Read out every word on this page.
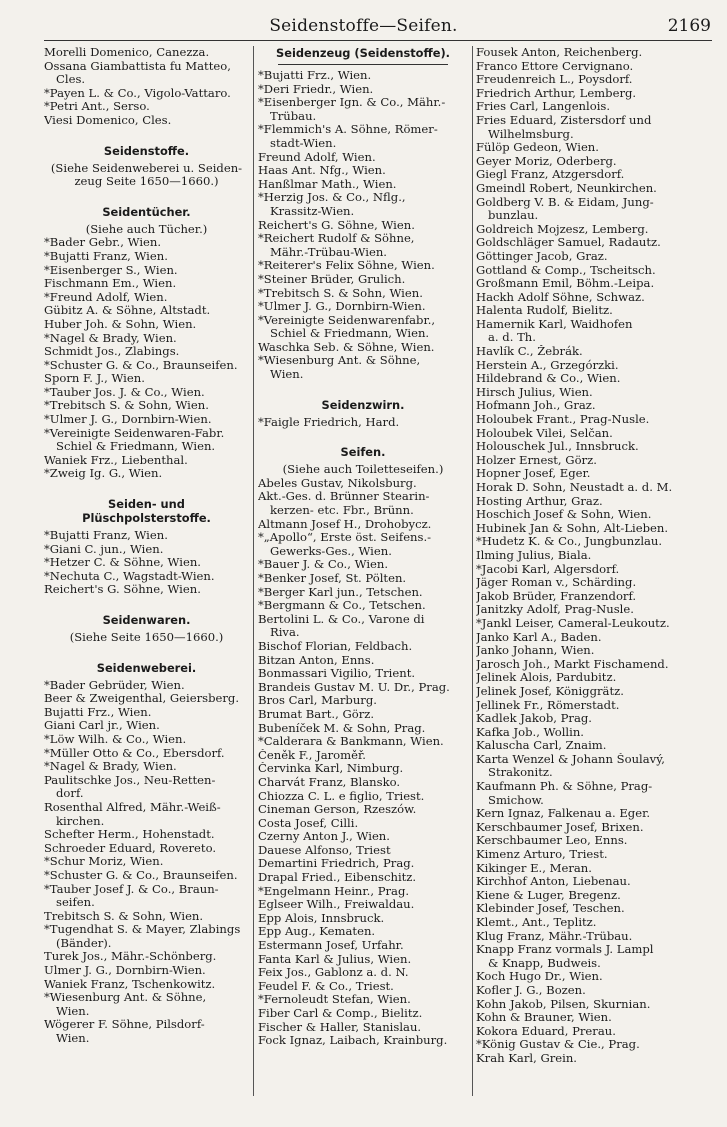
Seidenstoffe—Seifen.	2169
Morelli Domenico, Canezza.
Ossana Giambattista fu Matteo,
Cles.
*Payen L. & Co., Vigolo-Vattaro.
*Petri Ant., Serso.
Viesi Domenico, Cles.
Seidenstoffe.
(Siehe Seidenweberei u. Seiden-
zeug Seite 1650—1660.)
Seidentücher.
(Siehe auch Tücher.)
*Bader Gebr., Wien.
*Bujatti Franz, Wien.
*Eisenberger S., Wien.
Fischmann Em., Wien.
*Freund Adolf, Wien.
Gübitz A. & Söhne, Altstadt.
Huber Joh. & Sohn, Wien.
*Nagel & Brady, Wien.
Schmidt Jos., Zlabings.
*Schuster G. & Co., Braunseifen.
Sporn F. J., Wien.
*Tauber Jos. J. & Co., Wien.
*Trebitsch S. & Sohn, Wien.
*Ulmer J. G., Dornbirn-Wien.
*Vereinigte Seidenwaren-Fabr.
Schiel & Friedmann, Wien.
Waniek Frz., Liebenthal.
*Zweig Ig. G., Wien.
Seiden- und Plüschpolsterstoffe.
*Bujatti Franz, Wien.
*Giani C. jun., Wien.
*Hetzer C. & Söhne, Wien.
*Nechuta C., Wagstadt-Wien.
Reichert's G. Söhne, Wien.
Seidenwaren.
(Siehe Seite 1650—1660.)
Seidenweberei.
*Bader Gebrüder, Wien.
Beer & Zweigenthal, Geiersberg.
Bujatti Frz., Wien.
Giani Carl jr., Wien.
*Löw Wilh. & Co., Wien.
*Müller Otto & Co., Ebersdorf.
*Nagel & Brady, Wien.
Paulitschke Jos., Neu-Retten-
dorf.
Rosenthal Alfred, Mähr.-Weiß-
kirchen.
Schefter Herm., Hohenstadt.
Schroeder Eduard, Rovereto.
*Schur Moriz, Wien.
*Schuster G. & Co., Braunseifen.
*Tauber Josef J. & Co., Braun-
seifen.
Trebitsch S. & Sohn, Wien.
*Tugendhat S. & Mayer, Zlabings
(Bänder).
Turek Jos., Mähr.-Schönberg.
Ulmer J. G., Dornbirn-Wien.
Waniek Franz, Tschenkowitz.
*Wiesenburg Ant. & Söhne,
Wien.
Wögerer F. Söhne, Pilsdorf-
Wien.
Seidenzeug (Seidenstoffe).
*Bujatti Frz., Wien.
*Deri Friedr., Wien.
*Eisenberger Ign. & Co., Mähr.-
Trübau.
*Flemmich's A. Söhne, Römer-
stadt-Wien.
Freund Adolf, Wien.
Haas Ant. Nfg., Wien.
Hanßlmar Math., Wien.
*Herzig Jos. & Co., Nflg.,
Krassitz-Wien.
Reichert's G. Söhne, Wien.
*Reichert Rudolf & Söhne,
Mähr.-Trübau-Wien.
*Reiterer's Felix Söhne, Wien.
*Steiner Brüder, Grulich.
*Trebitsch S. & Sohn, Wien.
*Ulmer J. G., Dornbirn-Wien.
*Vereinigte Seidenwarenfabr.,
Schiel & Friedmann, Wien.
Waschka Seb. & Söhne, Wien.
*Wiesenburg Ant. & Söhne,
Wien.
Seidenzwirn.
*Faigle Friedrich, Hard.
Seifen.
(Siehe auch Toiletteseifen.)
Abeles Gustav, Nikolsburg.
Akt.-Ges. d. Brünner Stearin-
kerzen- etc. Fbr., Brünn.
Altmann Josef H., Drohobycz.
*„Apollo“, Erste öst. Seifens.-
Gewerks-Ges., Wien.
*Bauer J. & Co., Wien.
*Benker Josef, St. Pölten.
*Berger Karl jun., Tetschen.
*Bergmann & Co., Tetschen.
Bertolini L. & Co., Varone di
Riva.
Bischof Florian, Feldbach.
Bitzan Anton, Enns.
Bonmassari Vigilio, Trient.
Brandeis Gustav M. U. Dr., Prag.
Bros Carl, Marburg.
Brumat Bart., Görz.
Bubeníček M. & Sohn, Prag.
*Calderara & Bankmann, Wien.
Čeněk F., Jaroměř.
Červinka Karl, Nimburg.
Charvát Franz, Blansko.
Chiozza C. L. e figlio, Triest.
Cineman Gerson, Rzeszów.
Costa Josef, Cilli.
Czerny Anton J., Wien.
Dauese Alfonso, Triest
Demartini Friedrich, Prag.
Drapal Fried., Eibenschitz.
*Engelmann Heinr., Prag.
Eglseer Wilh., Freiwaldau.
Epp Alois, Innsbruck.
Epp Aug., Kematen.
Estermann Josef, Urfahr.
Fanta Karl & Julius, Wien.
Feix Jos., Gablonz a. d. N.
Feudel F. & Co., Triest.
*Fernoleudt Stefan, Wien.
Fiber Carl & Comp., Bielitz.
Fischer & Haller, Stanislau.
Fock Ignaz, Laibach, Krainburg.
Fousek Anton, Reichenberg.
Franco Ettore Cervignano.
Freudenreich L., Poysdorf.
Friedrich Arthur, Lemberg.
Fries Carl, Langenlois.
Fries Eduard, Zistersdorf und
Wilhelmsburg.
Fülöp Gedeon, Wien.
Geyer Moriz, Oderberg.
Giegl Franz, Atzgersdorf.
Gmeindl Robert, Neunkirchen.
Goldberg V. B. & Eidam, Jung-
bunzlau.
Goldreich Mojzesz, Lemberg.
Goldschläger Samuel, Radautz.
Göttinger Jacob, Graz.
Gottland & Comp., Tscheitsch.
Großmann Emil, Böhm.-Leipa.
Hackh Adolf Söhne, Schwaz.
Halenta Rudolf, Bielitz.
Hamernik Karl, Waidhofen
a. d. Th.
Havlík C., Žebrák.
Herstein A., Grzegórzki.
Hildebrand & Co., Wien.
Hirsch Julius, Wien.
Hofmann Joh., Graz.
Holoubek Frant., Prag-Nusle.
Holoubek Vilei, Selčan.
Holouschek Jul., Innsbruck.
Holzer Ernest, Görz.
Hopner Josef, Eger.
Horak D. Sohn, Neustadt a. d. M.
Hosting Arthur, Graz.
Hoschich Josef & Sohn, Wien.
Hubinek Jan & Sohn, Alt-Lieben.
*Hudetz K. & Co., Jungbunzlau.
Ilming Julius, Biala.
*Jacobi Karl, Algersdorf.
Jäger Roman v., Schärding.
Jakob Brüder, Franzendorf.
Janitzky Adolf, Prag-Nusle.
*Jankl Leiser, Cameral-Leukoutz.
Janko Karl A., Baden.
Janko Johann, Wien.
Jarosch Joh., Markt Fischamend.
Jelinek Alois, Pardubitz.
Jelinek Josef, Königgrätz.
Jellinek Fr., Römerstadt.
Kadlek Jakob, Prag.
Kafka Job., Wollin.
Kaluscha Carl, Znaim.
Karta Wenzel & Johann Šoulavý,
Strakonitz.
Kaufmann Ph. & Söhne, Prag-
Smichow.
Kern Ignaz, Falkenau a. Eger.
Kerschbaumer Josef, Brixen.
Kerschbaumer Leo, Enns.
Kimenz Arturo, Triest.
Kikinger E., Meran.
Kirchhof Anton, Liebenau.
Kiene & Luger, Bregenz.
Klebinder Josef, Teschen.
Klemt., Ant., Teplitz.
Klug Franz, Mähr.-Trübau.
Knapp Franz vormals J. Lampl
& Knapp, Budweis.
Koch Hugo Dr., Wien.
Kofler J. G., Bozen.
Kohn Jakob, Pilsen, Skurnian.
Kohn & Brauner, Wien.
Kokora Eduard, Prerau.
*König Gustav & Cie., Prag.
Krah Karl, Grein.
